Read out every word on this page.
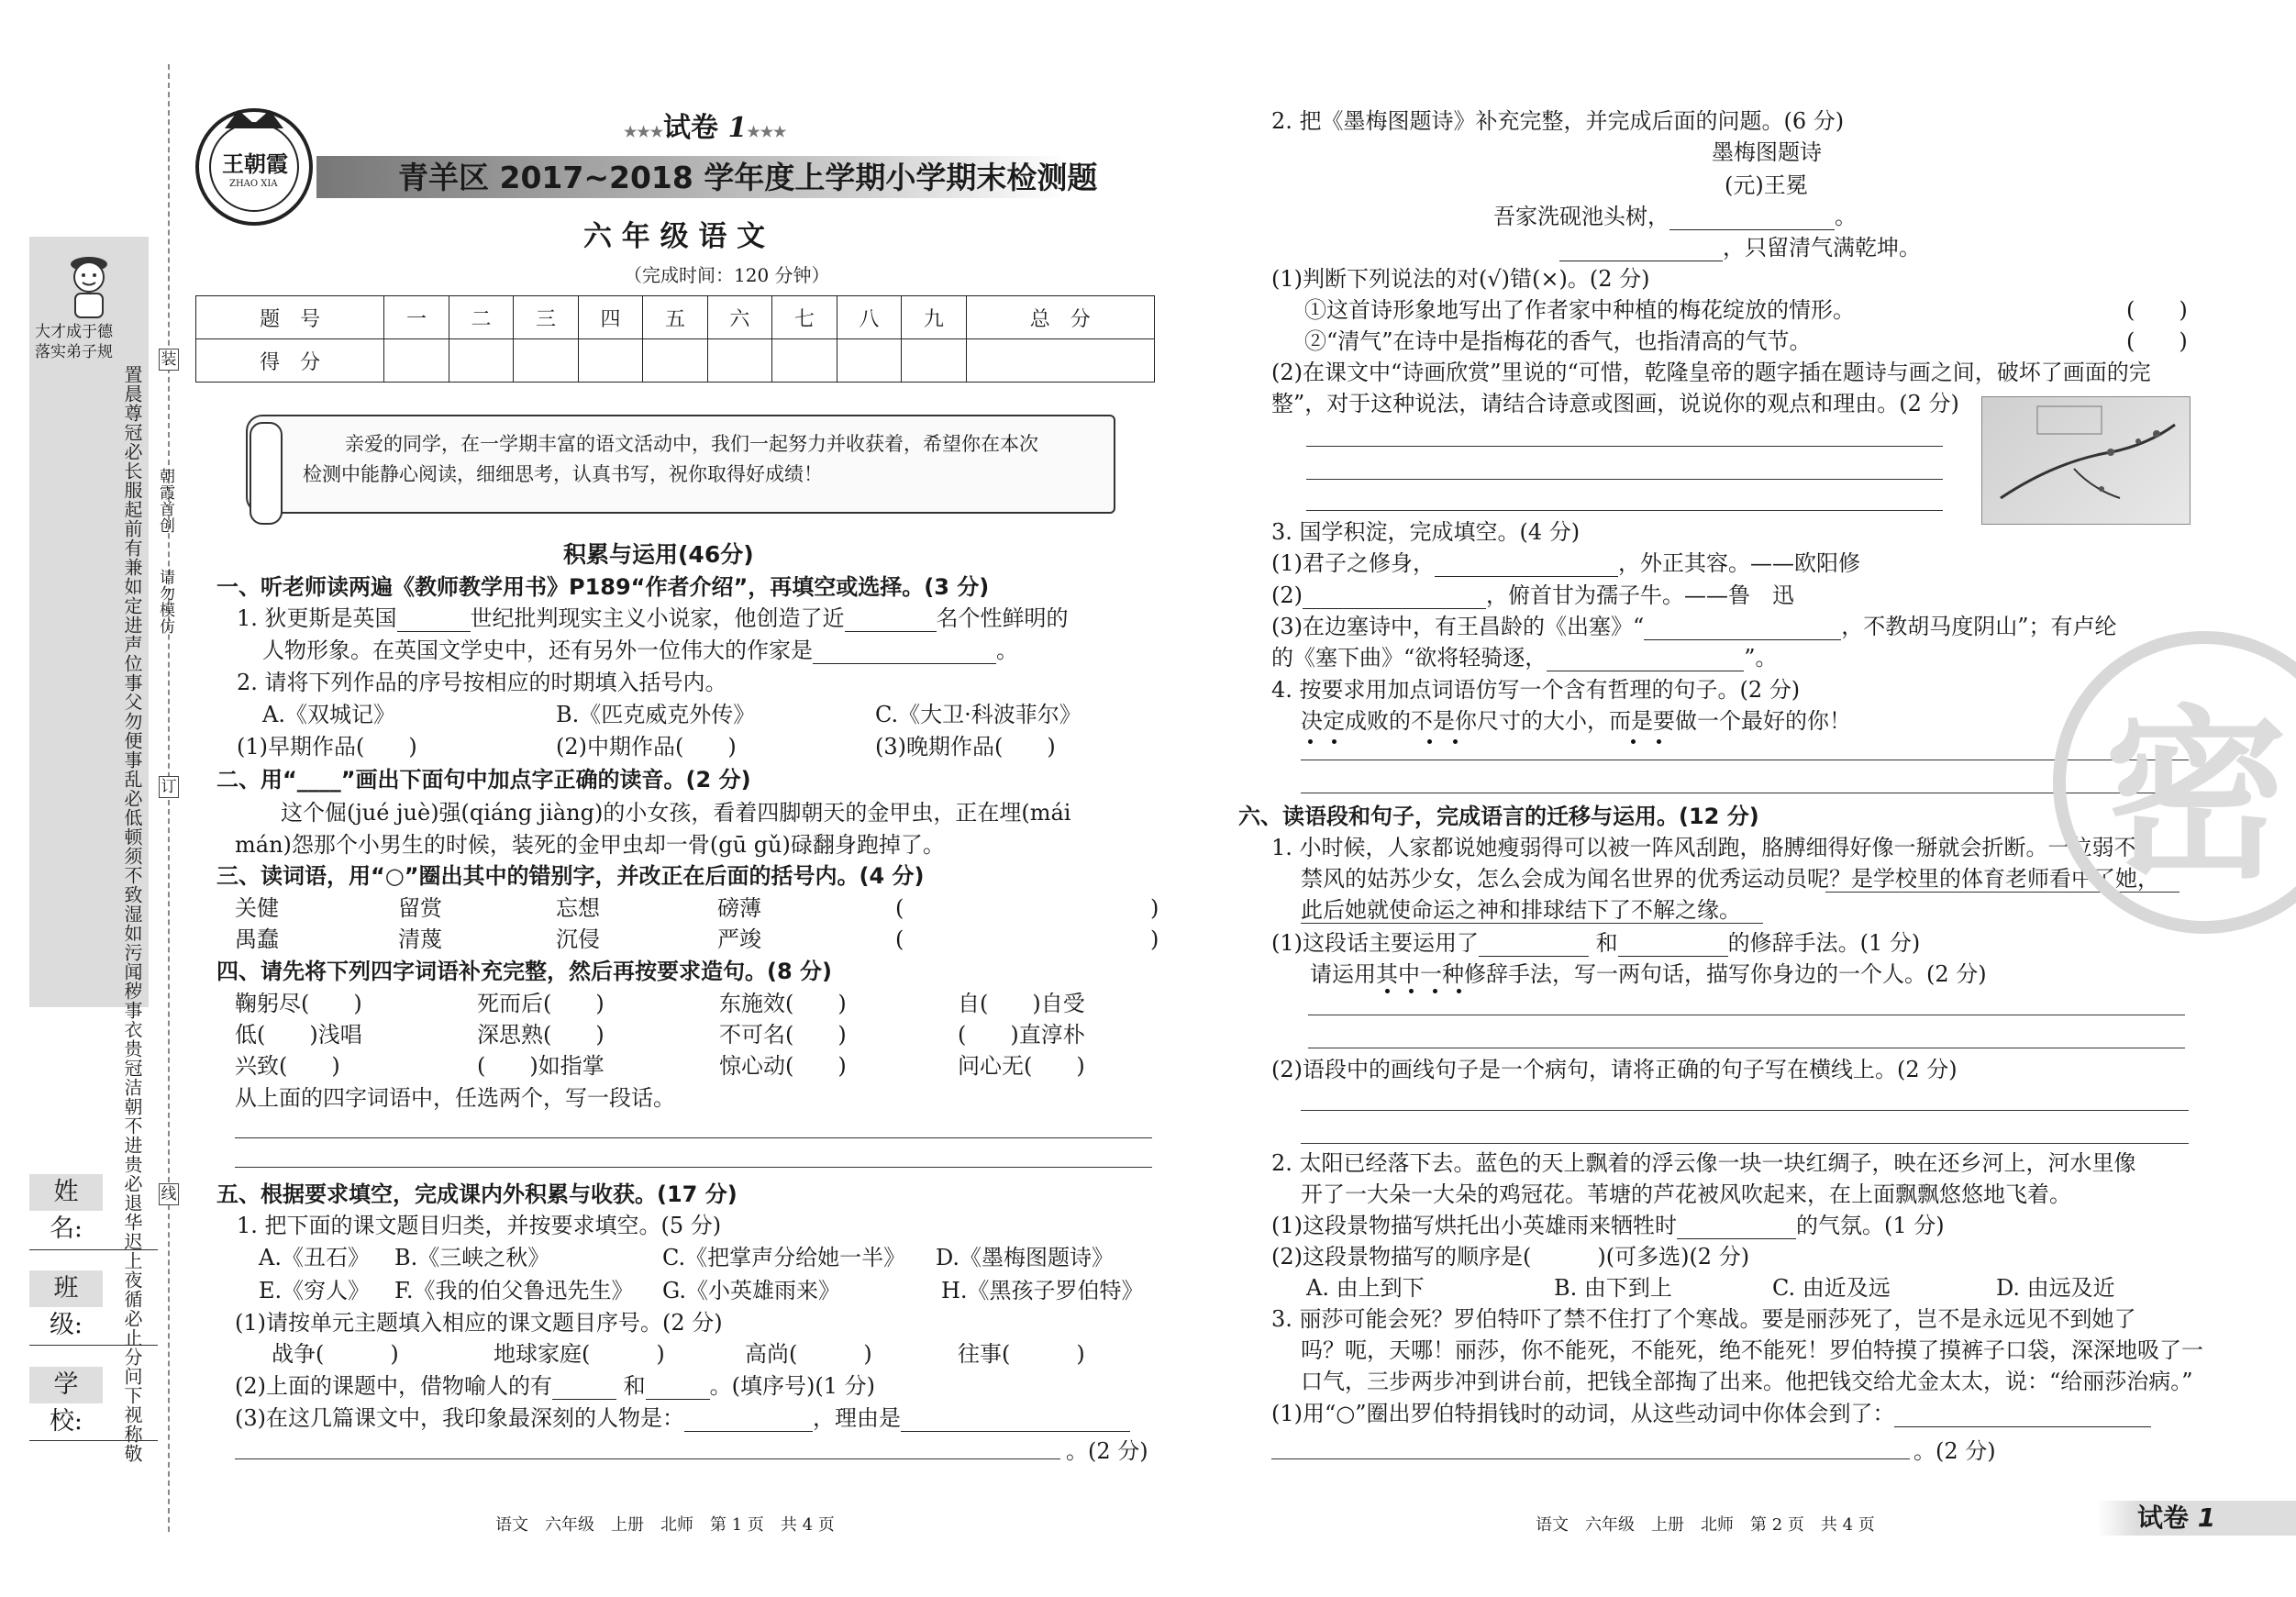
大才成于德
落实弟子规
置晨尊冠必长服起前有兼如定进声位事父勿便事乱必低顿须不致湿如污闻秽事衣贵冠洁朝不进贵必退华迟上夜循必止分问下视称敬
装
订
线
朝霞首创
请勿模仿
姓　名:
班　级:
学　校:
王朝霞
ZHAO XIA
★★★试卷 1★★★
青羊区 2017~2018 学年度上学期小学期末检测题
六 年 级 语 文
（完成时间：120 分钟）
题　号	一	二	三	四	五	六	七	八	九	总　分
得　分										
亲爱的同学，在一学期丰富的语文活动中，我们一起努力并收获着，希望你在本次
检测中能静心阅读，细细思考，认真书写，祝你取得好成绩！
积累与运用(46分)
一、听老师读两遍《教师教学用书》P189“作者介绍”，再填空或选择。(3 分)
1. 狄更斯是英国	世纪批判现实主义小说家，他创造了近	名个性鲜明的
人物形象。在英国文学史中，还有另外一位伟大的作家是	。
2. 请将下列作品的序号按相应的时期填入括号内。
A.《双城记》	B.《匹克威克外传》	C.《大卫·科波菲尔》
(1)早期作品(　　)	(2)中期作品(　　)	(3)晚期作品(　　)
二、用“____”画出下面句中加点字正确的读音。(2 分)
这个倔(jué juè)强(qiáng jiàng)的小女孩，看着四脚朝天的金甲虫，正在埋(mái
mán)怨那个小男生的时候，装死的金甲虫却一骨(gū gǔ)碌翻身跑掉了。
三、读词语，用“○”圈出其中的错别字，并改正在后面的括号内。(4 分)
关健	留赏	忘想	磅薄	(	　)
禺蠢	清蔑	沉侵	严竣	(	　)
四、请先将下列四字词语补充完整，然后再按要求造句。(8 分)
鞠躬尽(　　)	死而后(　　)	东施效(　　)	自(　　)自受
低(　　)浅唱	深思熟(　　)	不可名(　　)	(　　)直淳朴
兴致(　　)	(　　)如指掌	惊心动(　　)	问心无(　　)
从上面的四字词语中，任选两个，写一段话。
五、根据要求填空，完成课内外积累与收获。(17 分)
1. 把下面的课文题目归类，并按要求填空。(5 分)
A.《丑石》 B.《三峡之秋》	C.《把掌声分给她一半》 D.《墨梅图题诗》
E.《穷人》 F.《我的伯父鲁迅先生》 G.《小英雄雨来》	H.《黑孩子罗伯特》
(1)请按单元主题填入相应的课文题目序号。(2 分)
战争(　　　)	地球家庭(　　　)	高尚(　　　)	往事(　　　)
(2)上面的课题中，借物喻人的有	和	。(填序号)(1 分)
(3)在这几篇课文中，我印象最深刻的人物是：	，理由是
。(2 分)
语文　六年级　上册　北师　第 1 页　共 4 页
2. 把《墨梅图题诗》补充完整，并完成后面的问题。(6 分)
墨梅图题诗
(元)王冕
吾家洗砚池头树，	。
，只留清气满乾坤。
(1)判断下列说法的对(√)错(×)。(2 分)
①这首诗形象地写出了作者家中种植的梅花绽放的情形。	(　　)
②“清气”在诗中是指梅花的香气，也指清高的气节。	(　　)
(2)在课文中“诗画欣赏”里说的“可惜，乾隆皇帝的题字插在题诗与画之间，破坏了画面的完
整”，对于这种说法，请结合诗意或图画，说说你的观点和理由。(2 分)
3. 国学积淀，完成填空。(4 分)
(1)君子之修身，	，外正其容。——欧阳修
(2)	，俯首甘为孺子牛。——鲁　迅
(3)在边塞诗中，有王昌龄的《出塞》“	，不教胡马度阴山”；有卢纶
的《塞下曲》“欲将轻骑逐，	”。
4. 按要求用加点词语仿写一个含有哲理的句子。(2 分)
决定成败的不是你尺寸的大小，而是要做一个最好的你！
六、读语段和句子，完成语言的迁移与运用。(12 分)
1. 小时候，人家都说她瘦弱得可以被一阵风刮跑，胳膊细得好像一掰就会折断。一位弱不
禁风的姑苏少女，怎么会成为闻名世界的优秀运动员呢？是学校里的体育老师看中了她，
此后她就使命运之神和排球结下了不解之缘。
(1)这段话主要运用了	和	的修辞手法。(1 分)
请运用其中一种修辞手法，写一两句话，描写你身边的一个人。(2 分)
(2)语段中的画线句子是一个病句，请将正确的句子写在横线上。(2 分)
2. 太阳已经落下去。蓝色的天上飘着的浮云像一块一块红绸子，映在还乡河上，河水里像
开了一大朵一大朵的鸡冠花。苇塘的芦花被风吹起来，在上面飘飘悠悠地飞着。
(1)这段景物描写烘托出小英雄雨来牺牲时	的气氛。(1 分)
(2)这段景物描写的顺序是(　　　)(可多选)(2 分)
A. 由上到下	B. 由下到上	C. 由近及远	D. 由远及近
3. 丽莎可能会死？罗伯特吓了禁不住打了个寒战。要是丽莎死了，岂不是永远见不到她了
吗？呃，天哪！丽莎，你不能死，不能死，绝不能死！罗伯特摸了摸裤子口袋，深深地吸了一
口气，三步两步冲到讲台前，把钱全部掏了出来。他把钱交给尤金太太，说：“给丽莎治病。”
(1)用“○”圈出罗伯特捐钱时的动词，从这些动词中你体会到了：
。(2 分)
语文　六年级　上册　北师　第 2 页　共 4 页	试卷 1
密
